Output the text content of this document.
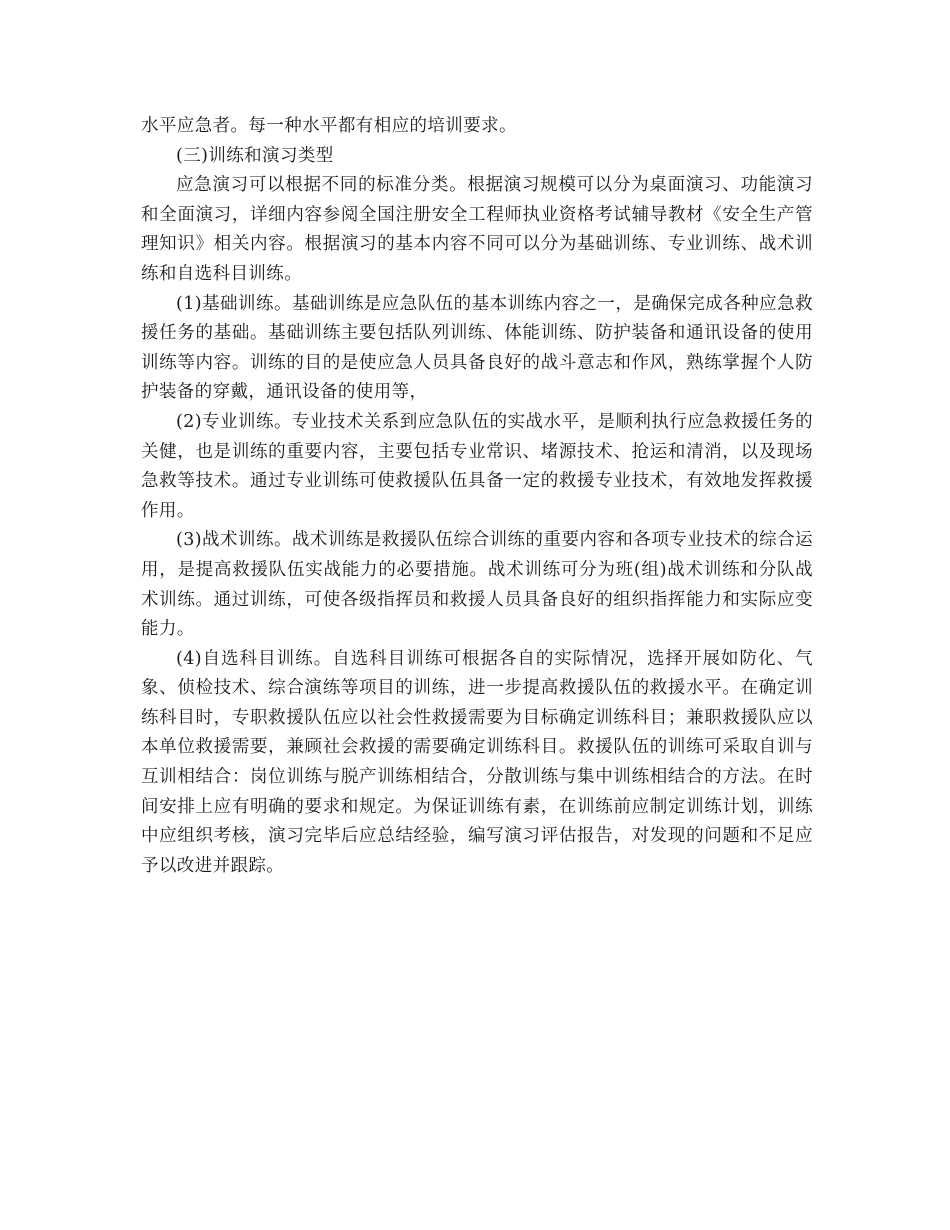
水平应急者。每一种水平都有相应的培训要求。

(三)训练和演习类型

应急演习可以根据不同的标准分类。根据演习规模可以分为桌面演习、功能演习和全面演习，详细内容参阅全国注册安全工程师执业资格考试辅导教材《安全生产管理知识》相关内容。根据演习的基本内容不同可以分为基础训练、专业训练、战术训练和自选科目训练。

(1)基础训练。基础训练是应急队伍的基本训练内容之一，是确保完成各种应急救援任务的基础。基础训练主要包括队列训练、体能训练、防护装备和通讯设备的使用训练等内容。训练的目的是使应急人员具备良好的战斗意志和作风，熟练掌握个人防护装备的穿戴，通讯设备的使用等，

(2)专业训练。专业技术关系到应急队伍的实战水平，是顺利执行应急救援任务的关健，也是训练的重要内容，主要包括专业常识、堵源技术、抢运和清消，以及现场急救等技术。通过专业训练可使救援队伍具备一定的救援专业技术，有效地发挥救援作用。

(3)战术训练。战术训练是救援队伍综合训练的重要内容和各项专业技术的综合运用，是提高救援队伍实战能力的必要措施。战术训练可分为班(组)战术训练和分队战术训练。通过训练，可使各级指挥员和救援人员具备良好的组织指挥能力和实际应变能力。

(4)自选科目训练。自选科目训练可根据各自的实际情况，选择开展如防化、气象、侦检技术、综合演练等项目的训练，进一步提高救援队伍的救援水平。在确定训练科目时，专职救援队伍应以社会性救援需要为目标确定训练科目；兼职救援队应以本单位救援需要，兼顾社会救援的需要确定训练科目。救援队伍的训练可采取自训与互训相结合：岗位训练与脱产训练相结合，分散训练与集中训练相结合的方法。在时间安排上应有明确的要求和规定。为保证训练有素，在训练前应制定训练计划，训练中应组织考核，演习完毕后应总结经验，编写演习评估报告，对发现的问题和不足应予以改进并跟踪。
